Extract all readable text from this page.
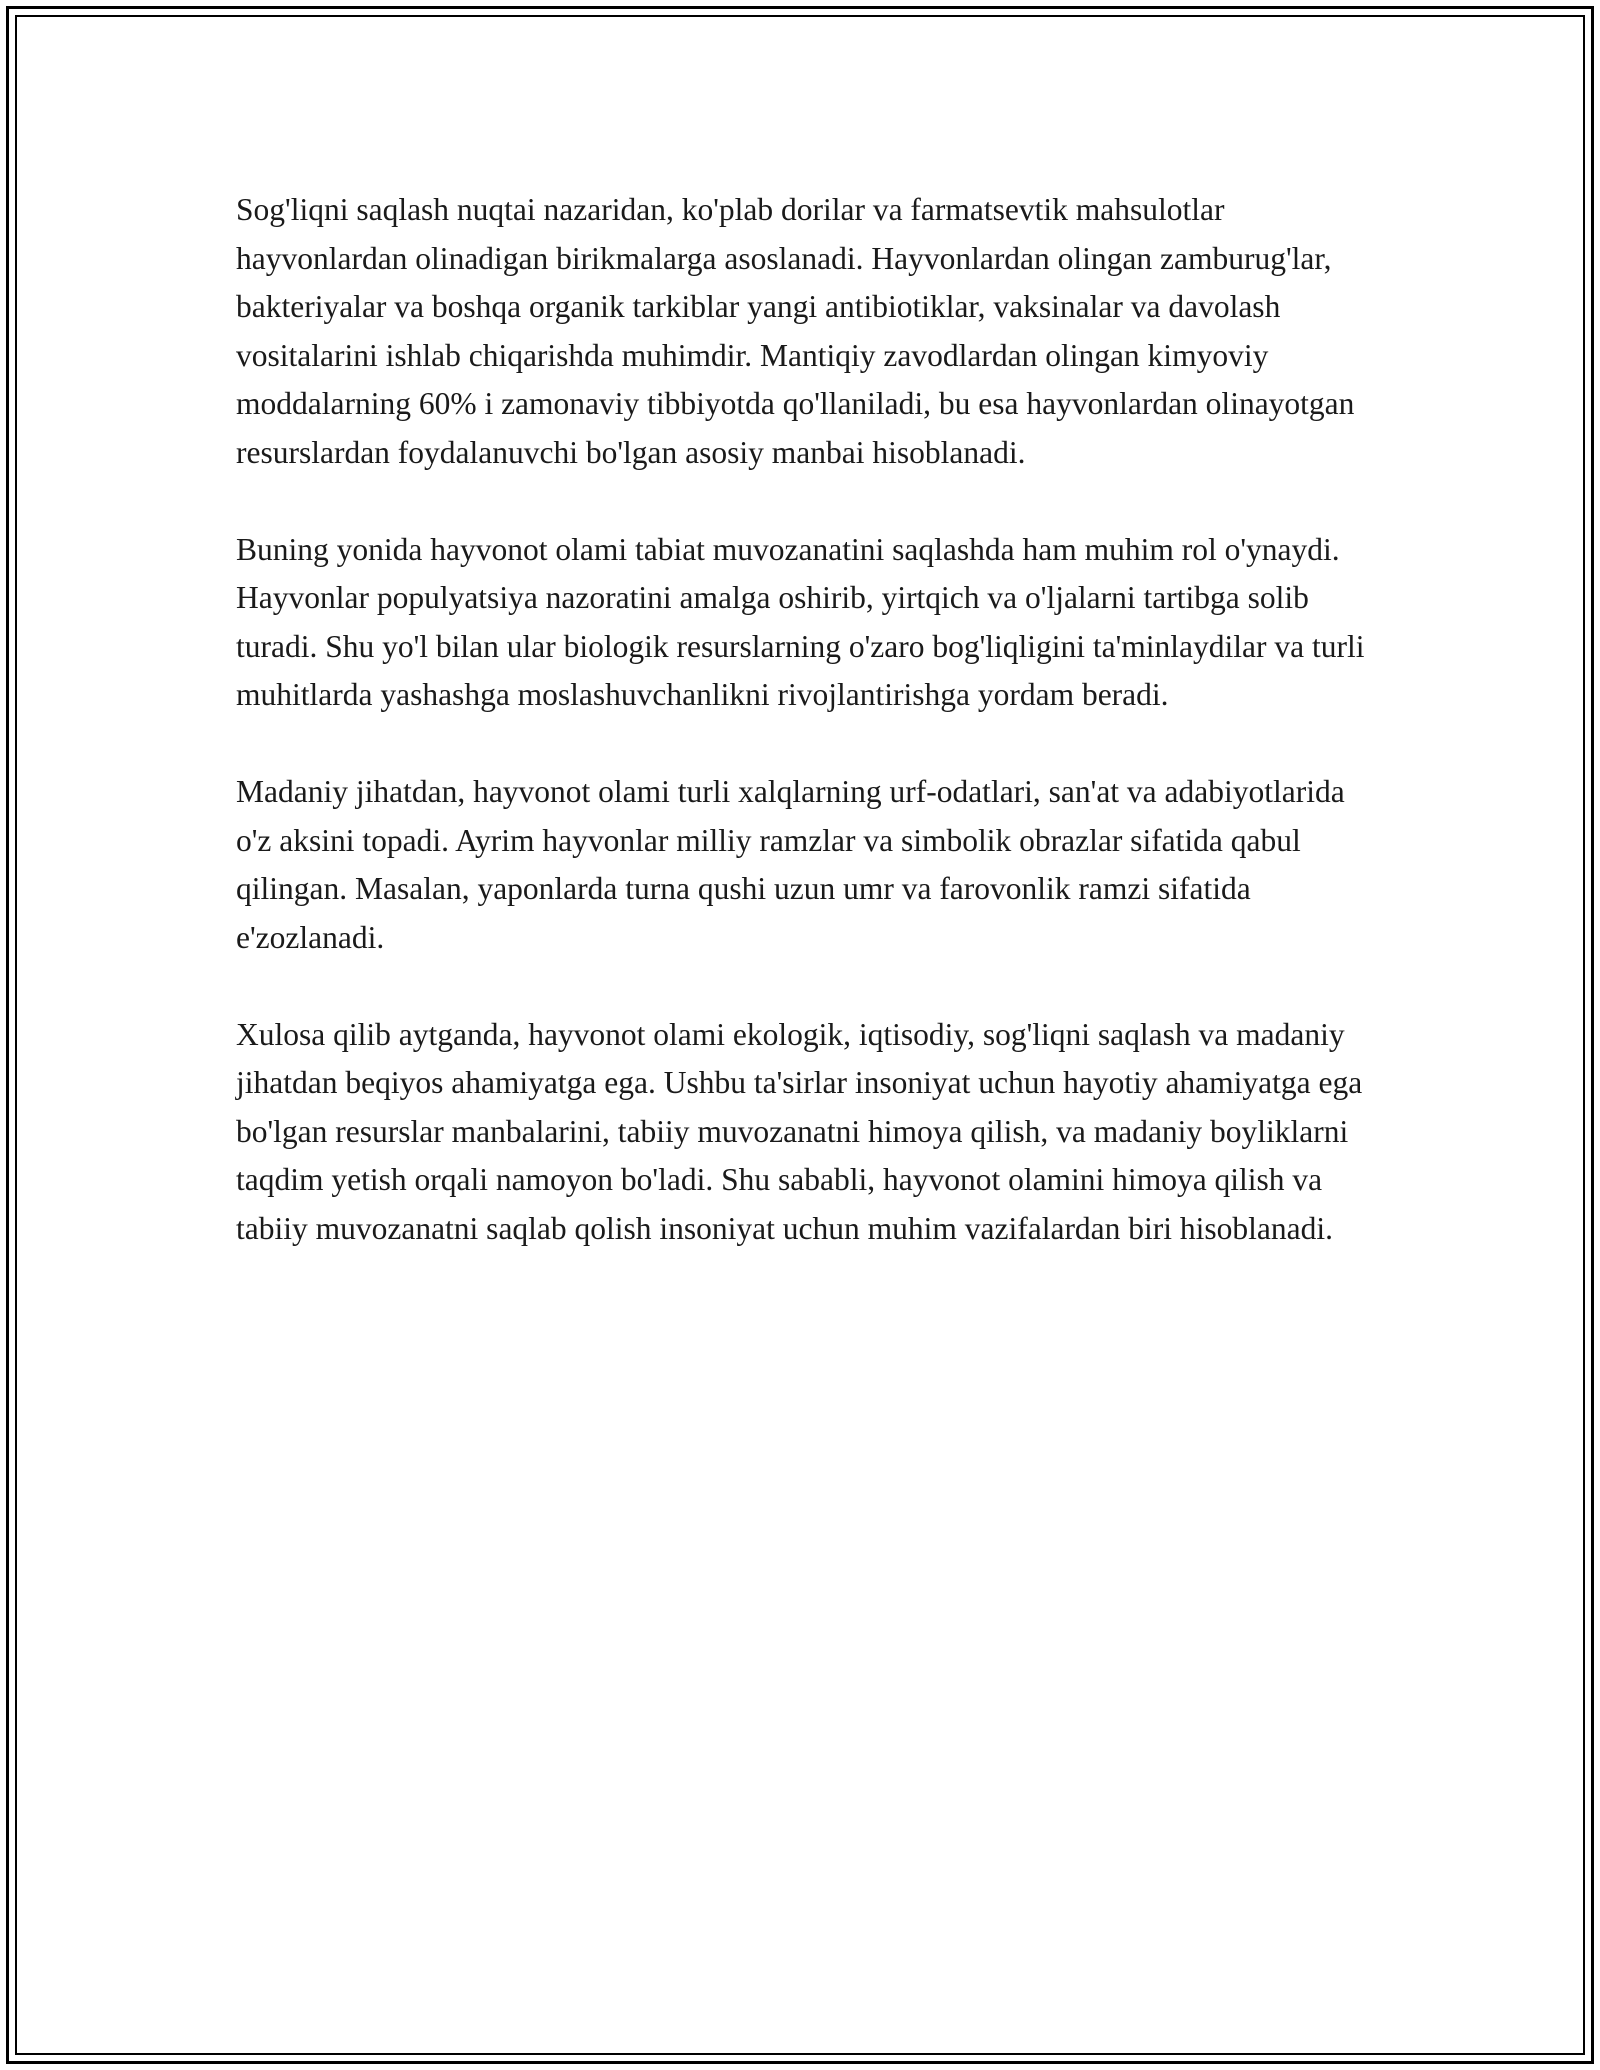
Sog'liqni saqlash nuqtai nazaridan, ko'plab dorilar va farmatsevtik mahsulotlar hayvonlardan olinadigan birikmalarga asoslanadi. Hayvonlardan olingan zamburug'lar, bakteriyalar va boshqa organik tarkiblar yangi antibiotiklar, vaksinalar va davolash vositalarini ishlab chiqarishda muhimdir. Mantiqiy zavodlardan olingan kimyoviy moddalarning 60% i zamonaviy tibbiyotda qo'llaniladi, bu esa hayvonlardan olinayotgan resurslardan foydalanuvchi bo'lgan asosiy manbai hisoblanadi.

Buning yonida hayvonot olami tabiat muvozanatini saqlashda ham muhim rol o'ynaydi. Hayvonlar populyatsiya nazoratini amalga oshirib, yirtqich va o'ljalarni tartibga solib turadi. Shu yo'l bilan ular biologik resurslarning o'zaro bog'liqligini ta'minlaydilar va turli muhitlarda yashashga moslashuvchanlikni rivojlantirishga yordam beradi.

Madaniy jihatdan, hayvonot olami turli xalqlarning urf-odatlari, san'at va adabiyotlarida o'z aksini topadi. Ayrim hayvonlar milliy ramzlar va simbolik obrazlar sifatida qabul qilingan. Masalan, yaponlarda turna qushi uzun umr va farovonlik ramzi sifatida e'zozlanadi.

Xulosa qilib aytganda, hayvonot olami ekologik, iqtisodiy, sog'liqni saqlash va madaniy jihatdan beqiyos ahamiyatga ega. Ushbu ta'sirlar insoniyat uchun hayotiy ahamiyatga ega bo'lgan resurslar manbalarini, tabiiy muvozanatni himoya qilish, va madaniy boyliklarni taqdim yetish orqali namoyon bo'ladi. Shu sababli, hayvonot olamini himoya qilish va tabiiy muvozanatni saqlab qolish insoniyat uchun muhim vazifalardan biri hisoblanadi.
